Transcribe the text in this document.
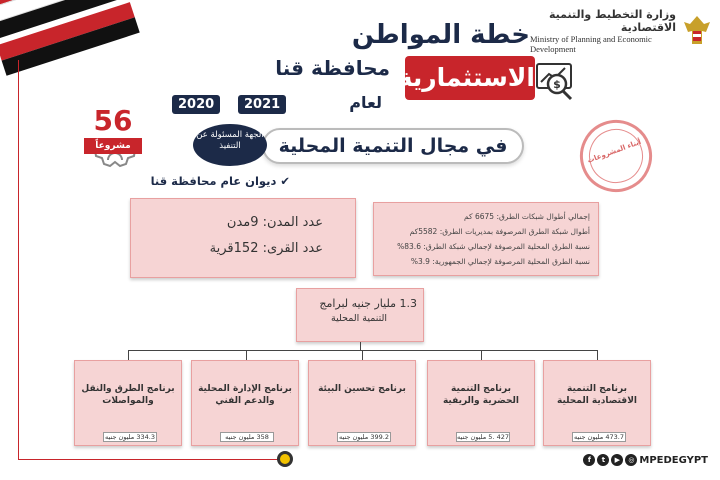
وزارة التخطيط والتنمية الاقتصادية
Ministry of Planning and Economic Development
خطة المواطن
الاستثمارية
محافظة قنا
$
لعام
2021
2020
56
مشروعاً	في مجال التنمية المحلية
الجهة المسئولة عن التنفيذ
✔ ديوان عام محافظة قنا
أبناء المشروعات
عدد المدن: 9مدن
عدد القرى: 152قرية
إجمالي أطوال شبكات الطرق: 6675 كم
أطوال شبكة الطرق المرصوفة بمديريات الطرق: 5582كم
نسبة الطرق المحلية المرصوفة لإجمالي شبكة الطرق: 83.6%
نسبة الطرق المحلية المرصوفة لإجمالي الجمهورية: 3.9%
1.3 مليار جنيه لبرامج
التنمية المحلية
برنامج الطرق والنقل والمواصلات
334.3 مليون جنيه
برنامج الإدارة المحلية والدعم الفني
358 مليون جنيه
برنامج تحسين البيئة
399.2 مليون جنيه
برنامج التنمية الحضرية والريفية
427 .5 مليون جنيه
برنامج التنمية الاقتصادية المحلية
473.7 مليون جنيه
f	t	▶	◎ MPEDEGYPT
